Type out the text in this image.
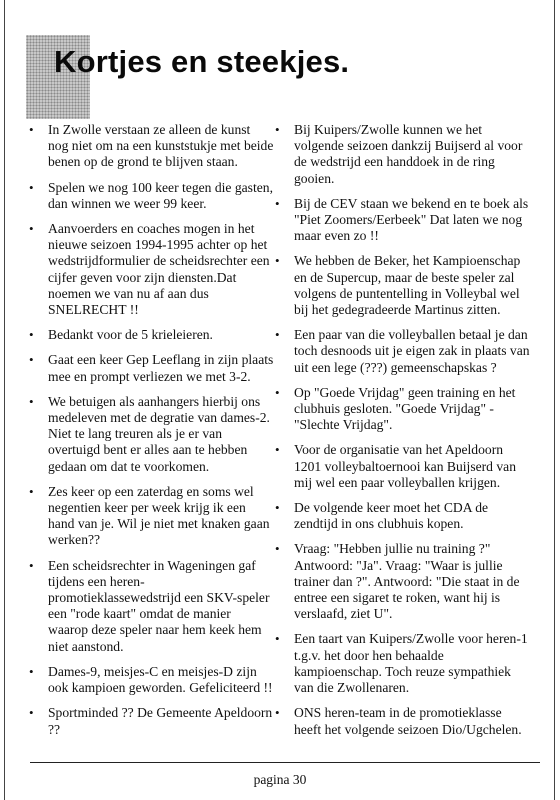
Kortjes en steekjes.
• In Zwolle verstaan ze alleen de kunst nog niet om na een kunststukje met beide benen op de grond te blijven staan.
• Spelen we nog 100 keer tegen die gasten, dan winnen we weer 99 keer.
• Aanvoerders en coaches mogen in het nieuwe seizoen 1994-1995 achter op het wedstrijdformulier de scheidsrechter een cijfer geven voor zijn diensten.Dat noemen we van nu af aan dus SNELRECHT !!
• Bedankt voor de 5 krieleieren.
• Gaat een keer Gep Leeflang in zijn plaats mee en prompt verliezen we met 3-2.
• We betuigen als aanhangers hierbij ons medeleven met de degratie van dames-2. Niet te lang treuren als je er van overtuigd bent er alles aan te hebben gedaan om dat te voorkomen.
• Zes keer op een zaterdag en soms wel negentien keer per week krijg ik een hand van je. Wil je niet met knaken gaan werken??
• Een scheidsrechter in Wageningen gaf tijdens een heren-promotieklassewedstrijd een SKV-speler een "rode kaart" omdat de manier waarop deze speler naar hem keek hem niet aanstond.
• Dames-9, meisjes-C en meisjes-D zijn ook kampioen geworden. Gefeliciteerd !!
• Sportminded ?? De Gemeente Apeldoorn ??
• Bij Kuipers/Zwolle kunnen we het volgende seizoen dankzij Buijserd al voor de wedstrijd een handdoek in de ring gooien.
• Bij de CEV staan we bekend en te boek als "Piet Zoomers/Eerbeek" Dat laten we nog maar even zo !!
• We hebben de Beker, het Kampioenschap en de Supercup, maar de beste speler zal volgens de puntentelling in Volleybal wel bij het gedegradeerde Martinus zitten.
• Een paar van die volleyballen betaal je dan toch desnoods uit je eigen zak in plaats van uit een lege (???) gemeenschapskas ?
• Op "Goede Vrijdag" geen training en het clubhuis gesloten. "Goede Vrijdag" - "Slechte Vrijdag".
• Voor de organisatie van het Apeldoorn 1201 volleybaltoernooi kan Buijserd van mij wel een paar volleyballen krijgen.
• De volgende keer moet het CDA de zendtijd in ons clubhuis kopen.
• Vraag: "Hebben jullie nu training ?" Antwoord: "Ja". Vraag: "Waar is jullie trainer dan ?". Antwoord: "Die staat in de entree een sigaret te roken, want hij is verslaafd, ziet U".
• Een taart van Kuipers/Zwolle voor heren-1 t.g.v. het door hen behaalde kampioenschap. Toch reuze sympathiek van die Zwollenaren.
• ONS heren-team in de promotieklasse heeft het volgende seizoen Dio/Ugchelen.
pagina 30
